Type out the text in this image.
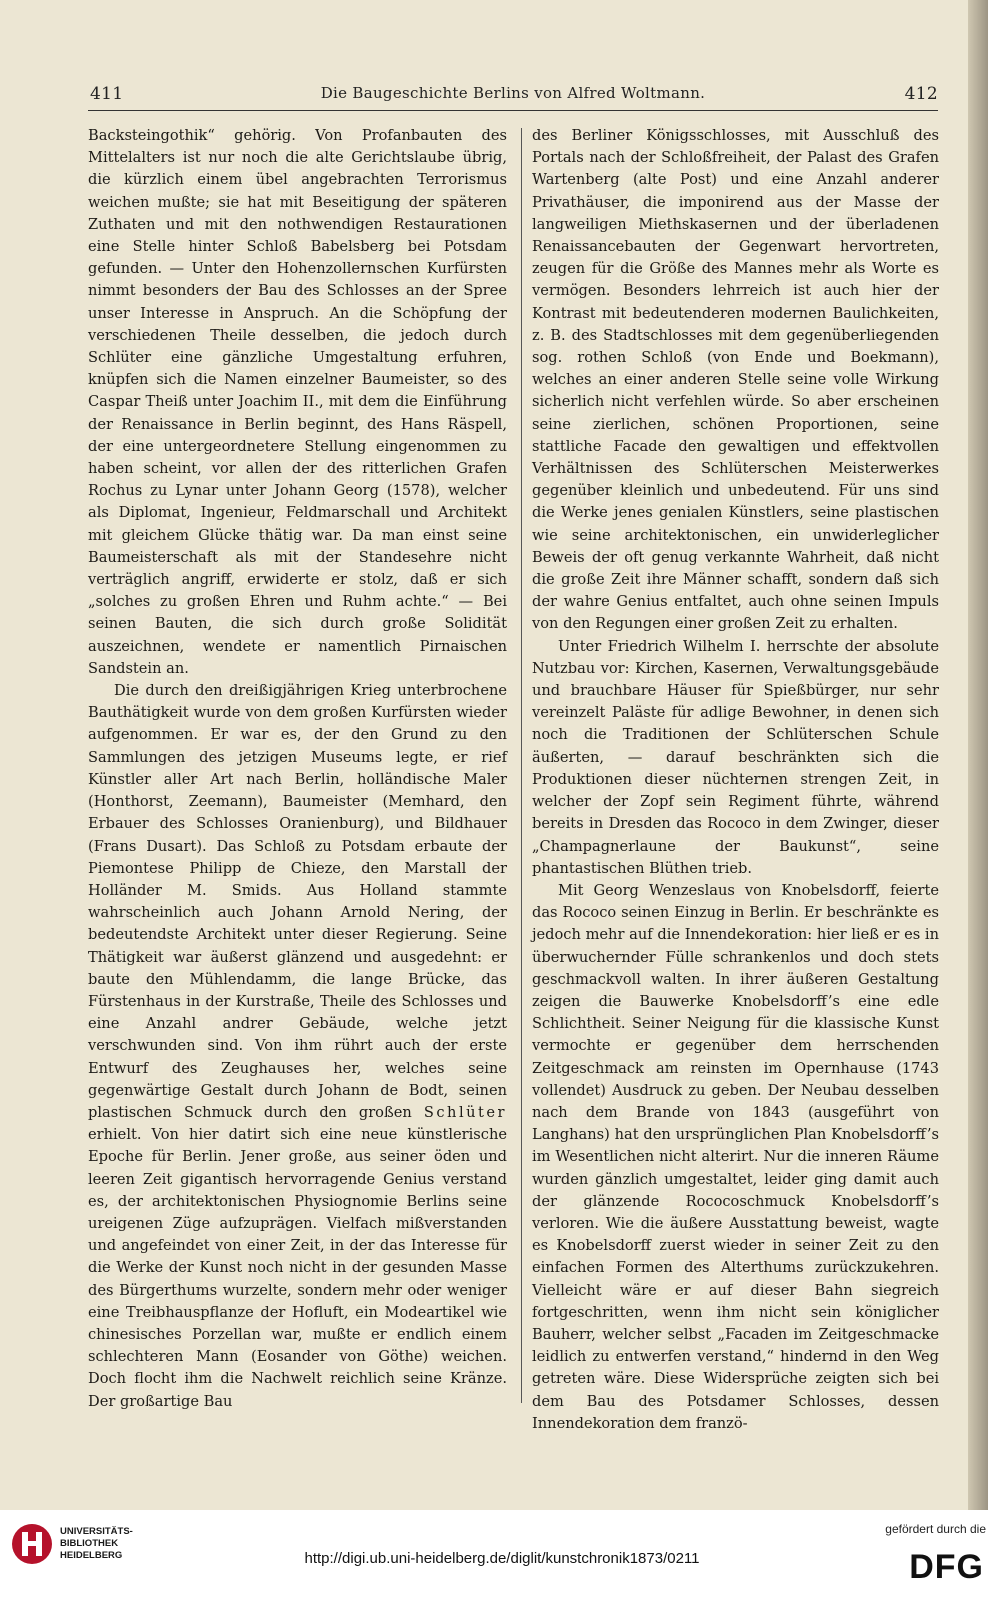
411	Die Baugeschichte Berlins von Alfred Woltmann.	412

Backsteingothik“ gehörig. Von Profanbauten des Mittelalters ist nur noch die alte Gerichtslaube übrig, die kürzlich einem übel angebrachten Terrorismus weichen mußte; sie hat mit Beseitigung der späteren Zuthaten und mit den nothwendigen Restaurationen eine Stelle hinter Schloß Babelsberg bei Potsdam gefunden. — Unter den Hohenzollernschen Kurfürsten nimmt besonders der Bau des Schlosses an der Spree unser Interesse in Anspruch. An die Schöpfung der verschiedenen Theile desselben, die jedoch durch Schlüter eine gänzliche Umgestaltung erfuhren, knüpfen sich die Namen einzelner Baumeister, so des Caspar Theiß unter Joachim II., mit dem die Einführung der Renaissance in Berlin beginnt, des Hans Räspell, der eine untergeordnetere Stellung eingenommen zu haben scheint, vor allen der des ritterlichen Grafen Rochus zu Lynar unter Johann Georg (1578), welcher als Diplomat, Ingenieur, Feldmarschall und Architekt mit gleichem Glücke thätig war. Da man einst seine Baumeisterschaft als mit der Standesehre nicht verträglich angriff, erwiderte er stolz, daß er sich „solches zu großen Ehren und Ruhm achte.“ — Bei seinen Bauten, die sich durch große Solidität auszeichnen, wendete er namentlich Pirnaischen Sandstein an.

Die durch den dreißigjährigen Krieg unterbrochene Bauthätigkeit wurde von dem großen Kurfürsten wieder aufgenommen. Er war es, der den Grund zu den Sammlungen des jetzigen Museums legte, er rief Künstler aller Art nach Berlin, holländische Maler (Honthorst, Zeemann), Baumeister (Memhard, den Erbauer des Schlosses Oranienburg), und Bildhauer (Frans Dusart). Das Schloß zu Potsdam erbaute der Piemontese Philipp de Chieze, den Marstall der Holländer M. Smids. Aus Holland stammte wahrscheinlich auch Johann Arnold Nering, der bedeutendste Architekt unter dieser Regierung. Seine Thätigkeit war äußerst glänzend und ausgedehnt: er baute den Mühlendamm, die lange Brücke, das Fürstenhaus in der Kurstraße, Theile des Schlosses und eine Anzahl andrer Gebäude, welche jetzt verschwunden sind. Von ihm rührt auch der erste Entwurf des Zeughauses her, welches seine gegenwärtige Gestalt durch Johann de Bodt, seinen plastischen Schmuck durch den großen Schlüter erhielt. Von hier datirt sich eine neue künstlerische Epoche für Berlin. Jener große, aus seiner öden und leeren Zeit gigantisch hervorragende Genius verstand es, der architektonischen Physiognomie Berlins seine ureigenen Züge aufzuprägen. Vielfach mißverstanden und angefeindet von einer Zeit, in der das Interesse für die Werke der Kunst noch nicht in der gesunden Masse des Bürgerthums wurzelte, sondern mehr oder weniger eine Treibhauspflanze der Hofluft, ein Modeartikel wie chinesisches Porzellan war, mußte er endlich einem schlechteren Mann (Eosander von Göthe) weichen. Doch flocht ihm die Nachwelt reichlich seine Kränze. Der großartige Bau

des Berliner Königsschlosses, mit Ausschluß des Portals nach der Schloßfreiheit, der Palast des Grafen Wartenberg (alte Post) und eine Anzahl anderer Privathäuser, die imponirend aus der Masse der langweiligen Miethskasernen und der überladenen Renaissancebauten der Gegenwart hervortreten, zeugen für die Größe des Mannes mehr als Worte es vermögen. Besonders lehrreich ist auch hier der Kontrast mit bedeutenderen modernen Baulichkeiten, z. B. des Stadtschlosses mit dem gegenüberliegenden sog. rothen Schloß (von Ende und Boekmann), welches an einer anderen Stelle seine volle Wirkung sicherlich nicht verfehlen würde. So aber erscheinen seine zierlichen, schönen Proportionen, seine stattliche Facade den gewaltigen und effektvollen Verhältnissen des Schlüterschen Meisterwerkes gegenüber kleinlich und unbedeutend. Für uns sind die Werke jenes genialen Künstlers, seine plastischen wie seine architektonischen, ein unwiderleglicher Beweis der oft genug verkannte Wahrheit, daß nicht die große Zeit ihre Männer schafft, sondern daß sich der wahre Genius entfaltet, auch ohne seinen Impuls von den Regungen einer großen Zeit zu erhalten.

Unter Friedrich Wilhelm I. herrschte der absolute Nutzbau vor: Kirchen, Kasernen, Verwaltungsgebäude und brauchbare Häuser für Spießbürger, nur sehr vereinzelt Paläste für adlige Bewohner, in denen sich noch die Traditionen der Schlüterschen Schule äußerten, — darauf beschränkten sich die Produktionen dieser nüchternen strengen Zeit, in welcher der Zopf sein Regiment führte, während bereits in Dresden das Rococo in dem Zwinger, dieser „Champagnerlaune der Baukunst“, seine phantastischen Blüthen trieb.

Mit Georg Wenzeslaus von Knobelsdorff, feierte das Rococo seinen Einzug in Berlin. Er beschränkte es jedoch mehr auf die Innendekoration: hier ließ er es in überwuchernder Fülle schrankenlos und doch stets geschmackvoll walten. In ihrer äußeren Gestaltung zeigen die Bauwerke Knobelsdorff’s eine edle Schlichtheit. Seiner Neigung für die klassische Kunst vermochte er gegenüber dem herrschenden Zeitgeschmack am reinsten im Opernhause (1743 vollendet) Ausdruck zu geben. Der Neubau desselben nach dem Brande von 1843 (ausgeführt von Langhans) hat den ursprünglichen Plan Knobelsdorff’s im Wesentlichen nicht alterirt. Nur die inneren Räume wurden gänzlich umgestaltet, leider ging damit auch der glänzende Rococoschmuck Knobelsdorff’s verloren. Wie die äußere Ausstattung beweist, wagte es Knobelsdorff zuerst wieder in seiner Zeit zu den einfachen Formen des Alterthums zurückzukehren. Vielleicht wäre er auf dieser Bahn siegreich fortgeschritten, wenn ihm nicht sein königlicher Bauherr, welcher selbst „Facaden im Zeitgeschmacke leidlich zu entwerfen verstand,“ hindernd in den Weg getreten wäre. Diese Widersprüche zeigten sich bei dem Bau des Potsdamer Schlosses, dessen Innendekoration dem franzö-

UNIVERSITÄTS-
BIBLIOTHEK
HEIDELBERG	http://digi.ub.uni-heidelberg.de/diglit/kunstchronik1873/0211
gefördert durch die
DFG
